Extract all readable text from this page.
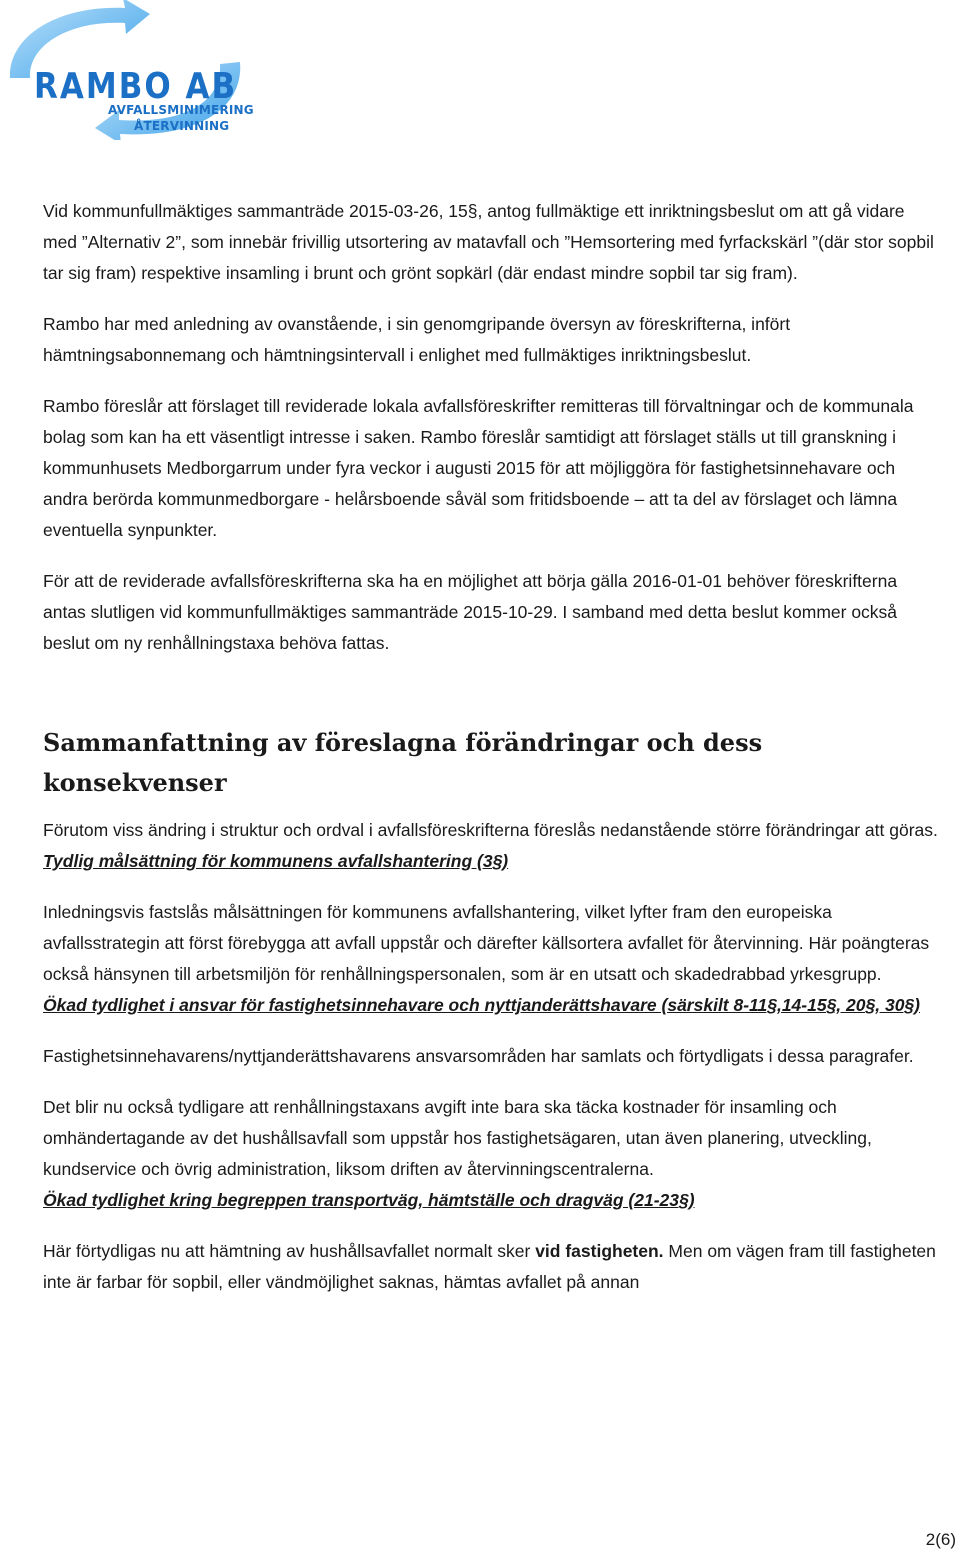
RAMBO AB
AVFALLSMINIMERING
ÅTERVINNING

Vid kommunfullmäktiges sammanträde 2015-03-26, 15§, antog fullmäktige ett inriktningsbeslut om att gå vidare med ”Alternativ 2”, som innebär frivillig utsortering av matavfall och ”Hemsortering med fyrfackskärl ”(där stor sopbil tar sig fram) respektive insamling i brunt och grönt sopkärl (där endast mindre sopbil tar sig fram).

Rambo har med anledning av ovanstående, i sin genomgripande översyn av föreskrifterna, infört hämtningsabonnemang och hämtningsintervall i enlighet med fullmäktiges inriktningsbeslut.

Rambo föreslår att förslaget till reviderade lokala avfallsföreskrifter remitteras till förvaltningar och de kommunala bolag som kan ha ett väsentligt intresse i saken. Rambo föreslår samtidigt att förslaget ställs ut till granskning i kommunhusets Medborgarrum under fyra veckor i augusti 2015 för att möjliggöra för fastighetsinnehavare och andra berörda kommunmedborgare - helårsboende såväl som fritidsboende – att ta del av förslaget och lämna eventuella synpunkter.

För att de reviderade avfallsföreskrifterna ska ha en möjlighet att börja gälla 2016-01-01 behöver föreskrifterna antas slutligen vid kommunfullmäktiges sammanträde 2015-10-29. I samband med detta beslut kommer också beslut om ny renhållningstaxa behöva fattas.

Sammanfattning av föreslagna förändringar och dess konsekvenser

Förutom viss ändring i struktur och ordval i avfallsföreskrifterna föreslås nedanstående större förändringar att göras.

Tydlig målsättning för kommunens avfallshantering (3§)

Inledningsvis fastslås målsättningen för kommunens avfallshantering, vilket lyfter fram den europeiska avfallsstrategin att först förebygga att avfall uppstår och därefter källsortera avfallet för återvinning. Här poängteras också hänsynen till arbetsmiljön för renhållningspersonalen, som är en utsatt och skadedrabbad yrkesgrupp.

Ökad tydlighet i ansvar för fastighetsinnehavare och nyttjanderättshavare (särskilt 8-11§,14-15§, 20§, 30§)

Fastighetsinnehavarens/nyttjanderättshavarens ansvarsområden har samlats och förtydligats i dessa paragrafer.

Det blir nu också tydligare att renhållningstaxans avgift inte bara ska täcka kostnader för insamling och omhändertagande av det hushållsavfall som uppstår hos fastighetsägaren, utan även planering, utveckling, kundservice och övrig administration, liksom driften av återvinningscentralerna.

Ökad tydlighet kring begreppen transportväg, hämtställe och dragväg (21-23§)

Här förtydligas nu att hämtning av hushållsavfallet normalt sker vid fastigheten. Men om vägen fram till fastigheten inte är farbar för sopbil, eller vändmöjlighet saknas, hämtas avfallet på annan

2(6)
